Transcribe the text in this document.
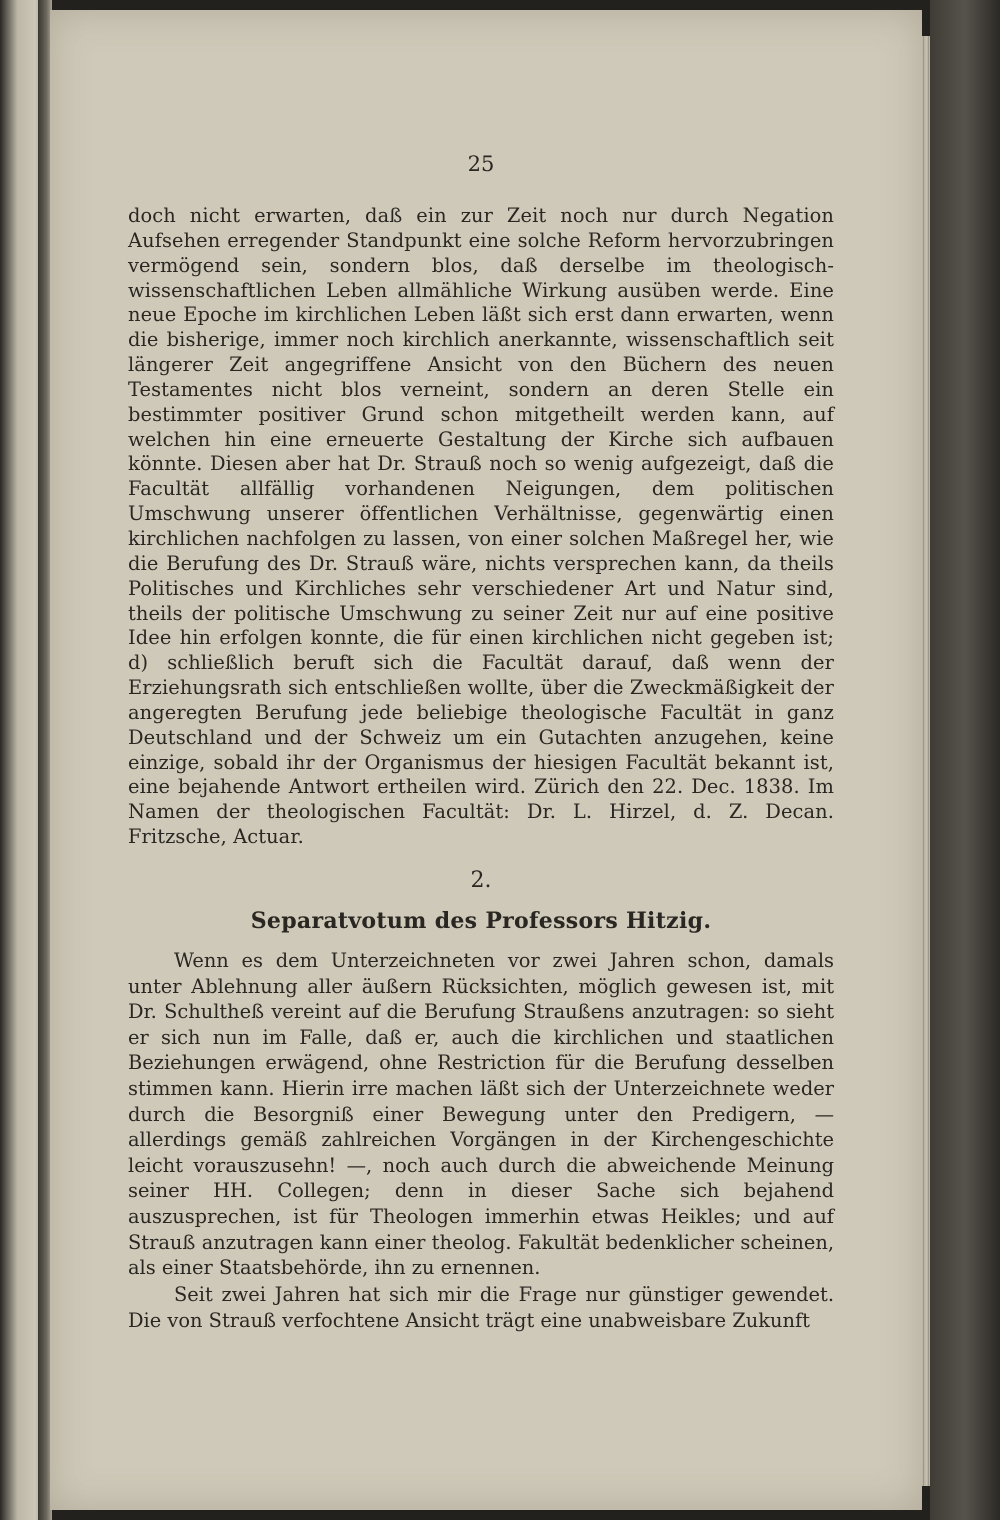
25

doch nicht erwarten, daß ein zur Zeit noch nur durch Negation Aufsehen erregender Standpunkt eine solche Reform hervorzubringen vermögend sein, sondern blos, daß derselbe im theologisch-wissenschaftlichen Leben allmähliche Wirkung ausüben werde. Eine neue Epoche im kirchlichen Leben läßt sich erst dann erwarten, wenn die bisherige, immer noch kirchlich anerkannte, wissenschaftlich seit längerer Zeit angegriffene Ansicht von den Büchern des neuen Testamentes nicht blos verneint, sondern an deren Stelle ein bestimmter positiver Grund schon mitgetheilt werden kann, auf welchen hin eine erneuerte Gestaltung der Kirche sich aufbauen könnte. Diesen aber hat Dr. Strauß noch so wenig aufgezeigt, daß die Facultät allfällig vorhandenen Neigungen, dem politischen Umschwung unserer öffentlichen Verhältnisse, gegenwärtig einen kirchlichen nachfolgen zu lassen, von einer solchen Maßregel her, wie die Berufung des Dr. Strauß wäre, nichts versprechen kann, da theils Politisches und Kirchliches sehr verschiedener Art und Natur sind, theils der politische Umschwung zu seiner Zeit nur auf eine positive Idee hin erfolgen konnte, die für einen kirchlichen nicht gegeben ist; d) schließlich beruft sich die Facultät darauf, daß wenn der Erziehungsrath sich entschließen wollte, über die Zweckmäßigkeit der angeregten Berufung jede beliebige theologische Facultät in ganz Deutschland und der Schweiz um ein Gutachten anzugehen, keine einzige, sobald ihr der Organismus der hiesigen Facultät bekannt ist, eine bejahende Antwort ertheilen wird. Zürich den 22. Dec. 1838. Im Namen der theologischen Facultät: Dr. L. Hirzel, d. Z. Decan. Fritzsche, Actuar.

2.

Separatvotum des Professors Hitzig.

Wenn es dem Unterzeichneten vor zwei Jahren schon, damals unter Ablehnung aller äußern Rücksichten, möglich gewesen ist, mit Dr. Schultheß vereint auf die Berufung Straußens anzutragen: so sieht er sich nun im Falle, daß er, auch die kirchlichen und staatlichen Beziehungen erwägend, ohne Restriction für die Berufung desselben stimmen kann. Hierin irre machen läßt sich der Unterzeichnete weder durch die Besorgniß einer Bewegung unter den Predigern, — allerdings gemäß zahlreichen Vorgängen in der Kirchengeschichte leicht vorauszusehn! —, noch auch durch die abweichende Meinung seiner HH. Collegen; denn in dieser Sache sich bejahend auszusprechen, ist für Theologen immerhin etwas Heikles; und auf Strauß anzutragen kann einer theolog. Fakultät bedenklicher scheinen, als einer Staatsbehörde, ihn zu ernennen.

Seit zwei Jahren hat sich mir die Frage nur günstiger gewendet. Die von Strauß verfochtene Ansicht trägt eine unabweisbare Zukunft
